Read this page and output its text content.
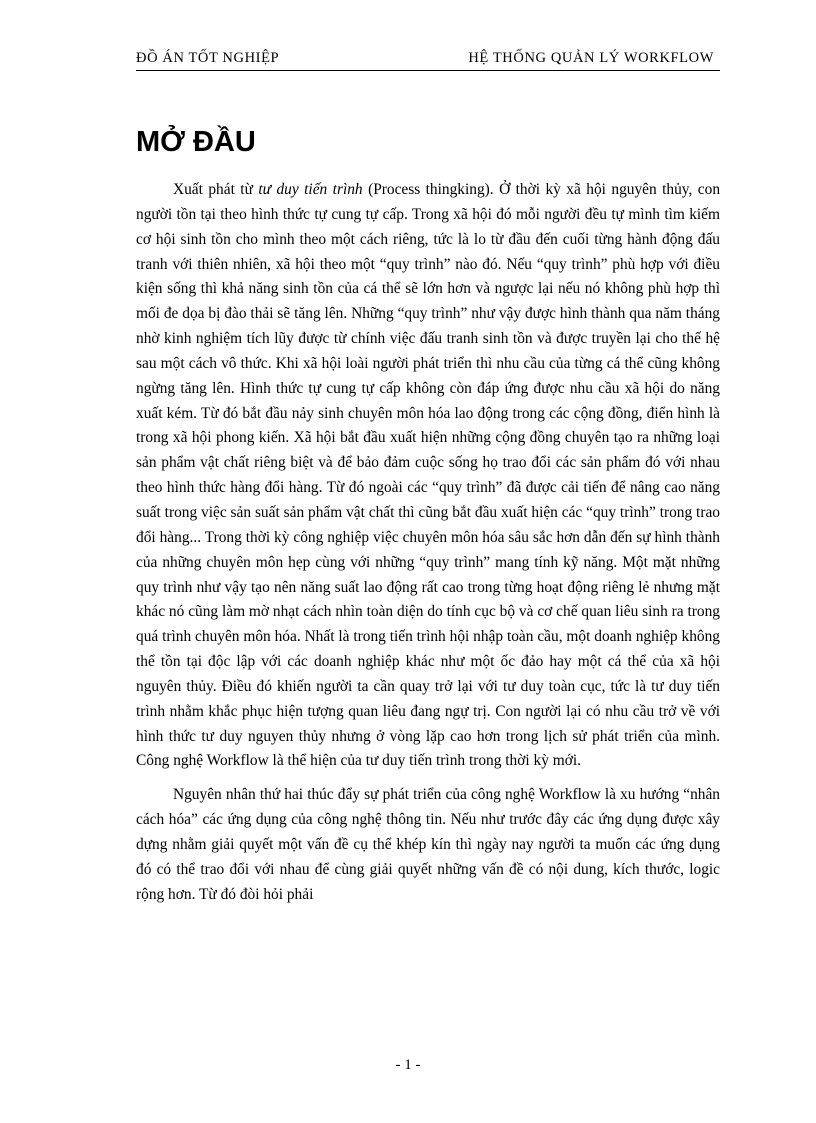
ĐỒ ÁN TỐT NGHIỆP	HỆ THỐNG QUẢN LÝ WORKFLOW
MỞ ĐẦU

Xuất phát từ tư duy tiến trình (Process thingking). Ở thời kỳ xã hội nguyên thủy, con người tồn tại theo hình thức tự cung tự cấp. Trong xã hội đó mỗi người đều tự mình tìm kiếm cơ hội sinh tồn cho mình theo một cách riêng, tức là lo từ đầu đến cuối từng hành động đấu tranh với thiên nhiên, xã hội theo một “quy trình” nào đó. Nếu “quy trình” phù hợp với điều kiện sống thì khả năng sinh tồn của cá thể sẽ lớn hơn và ngược lại nếu nó không phù hợp thì mối đe dọa bị đào thải sẽ tăng lên. Những “quy trình” như vậy được hình thành qua năm tháng nhờ kinh nghiệm tích lũy được từ chính việc đấu tranh sinh tồn và được truyền lại cho thế hệ sau một cách vô thức. Khi xã hội loài người phát triển thì nhu cầu của từng cá thể cũng không ngừng tăng lên. Hình thức tự cung tự cấp không còn đáp ứng được nhu cầu xã hội do năng xuất kém. Từ đó bắt đầu nảy sinh chuyên môn hóa lao động trong các cộng đồng, điển hình là trong xã hội phong kiến. Xã hội bắt đầu xuất hiện những cộng đồng chuyên tạo ra những loại sản phẩm vật chất riêng biệt và để bảo đảm cuộc sống họ trao đổi các sản phẩm đó với nhau theo hình thức hàng đổi hàng. Từ đó ngoài các “quy trình” đã được cải tiến để nâng cao năng suất trong việc sản suất sản phẩm vật chất thì cũng bắt đầu xuất hiện các “quy trình” trong trao đổi hàng... Trong thời kỳ công nghiệp việc chuyên môn hóa sâu sắc hơn dẫn đến sự hình thành của những chuyên môn hẹp cùng với những “quy trình” mang tính kỹ năng. Một mặt những quy trình như vậy tạo nên năng suất lao động rất cao trong từng hoạt động riêng lẻ nhưng mặt khác nó cũng làm mờ nhạt cách nhìn toàn diện do tính cục bộ và cơ chế quan liêu sinh ra trong quá trình chuyên môn hóa. Nhất là trong tiến trình hội nhập toàn cầu, một doanh nghiệp không thể tồn tại độc lập với các doanh nghiệp khác như một ốc đảo hay một cá thể của xã hội nguyên thủy. Điều đó khiến người ta cần quay trở lại với tư duy toàn cục, tức là tư duy tiến trình nhằm khắc phục hiện tượng quan liêu đang ngự trị. Con người lại có nhu cầu trở về với hình thức tư duy nguyen thủy nhưng ở vòng lặp cao hơn trong lịch sử phát triển của mình. Công nghệ Workflow là thể hiện của tư duy tiến trình trong thời kỳ mới.

Nguyên nhân thứ hai thúc đẩy sự phát triển của công nghệ Workflow là xu hướng “nhân cách hóa” các ứng dụng của công nghệ thông tin. Nếu như trước đây các ứng dụng được xây dựng nhằm giải quyết một vấn đề cụ thể khép kín thì ngày nay người ta muốn các ứng dụng đó có thể trao đổi với nhau để cùng giải quyết những vấn đề có nội dung, kích thước, logic rộng hơn. Từ đó đòi hỏi phải

- 1 -
